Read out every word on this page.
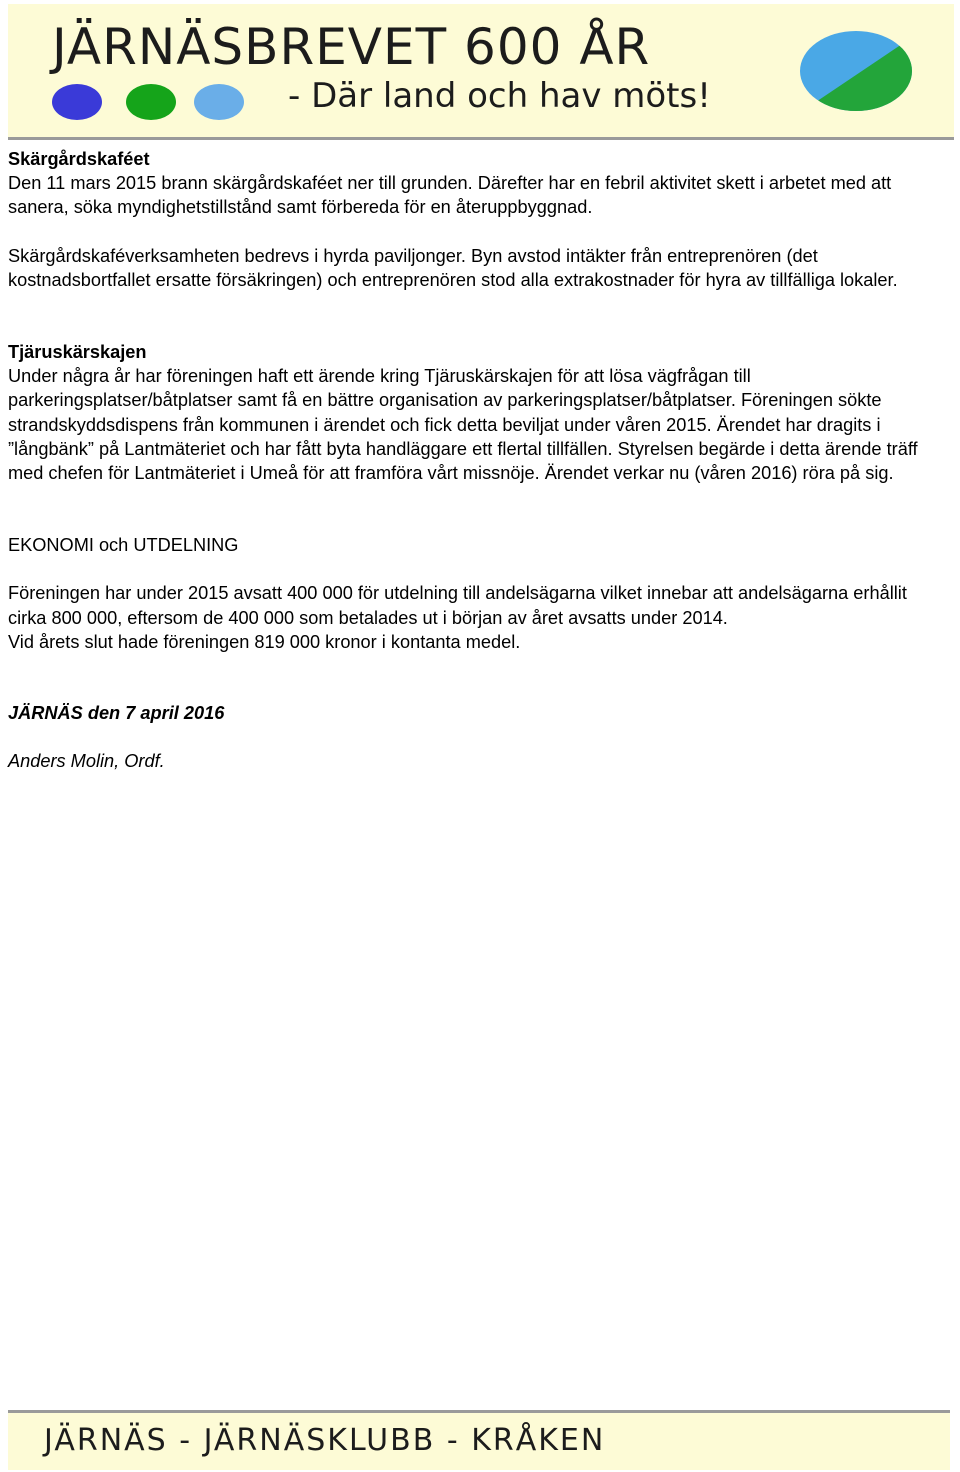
JÄRNÄSBREVET 600 ÅR
- Där land och hav möts!

Skärgårdskaféet

Den 11 mars 2015 brann skärgårdskaféet ner till grunden. Därefter har en febril aktivitet skett i arbetet med att sanera, söka myndighetstillstånd samt förbereda för en återuppbyggnad.

Skärgårdskaféverksamheten bedrevs i hyrda paviljonger. Byn avstod intäkter från entreprenören (det kostnadsbortfallet ersatte försäkringen) och entreprenören stod alla extrakostnader för hyra av tillfälliga lokaler.

Tjäruskärskajen

Under några år har föreningen haft ett ärende kring Tjäruskärskajen för att lösa vägfrågan till parkeringsplatser/båtplatser samt få en bättre organisation av parkeringsplatser/båtplatser. Föreningen sökte strandskyddsdispens från kommunen i ärendet och fick detta beviljat under våren 2015. Ärendet har dragits i ”långbänk” på Lantmäteriet och har fått byta handläggare ett flertal tillfällen. Styrelsen begärde i detta ärende träff med chefen för Lantmäteriet i Umeå för att framföra vårt missnöje. Ärendet verkar nu (våren 2016) röra på sig.

EKONOMI och UTDELNING

Föreningen har under 2015 avsatt 400 000 för utdelning till andelsägarna vilket innebar att andelsägarna erhållit cirka 800 000, eftersom de 400 000 som betalades ut i början av året avsatts under 2014.

Vid årets slut hade föreningen 819 000 kronor i kontanta medel.

JÄRNÄS den 7 april 2016

Anders Molin, Ordf.

JÄRNÄS - JÄRNÄSKLUBB - KRÅKEN
